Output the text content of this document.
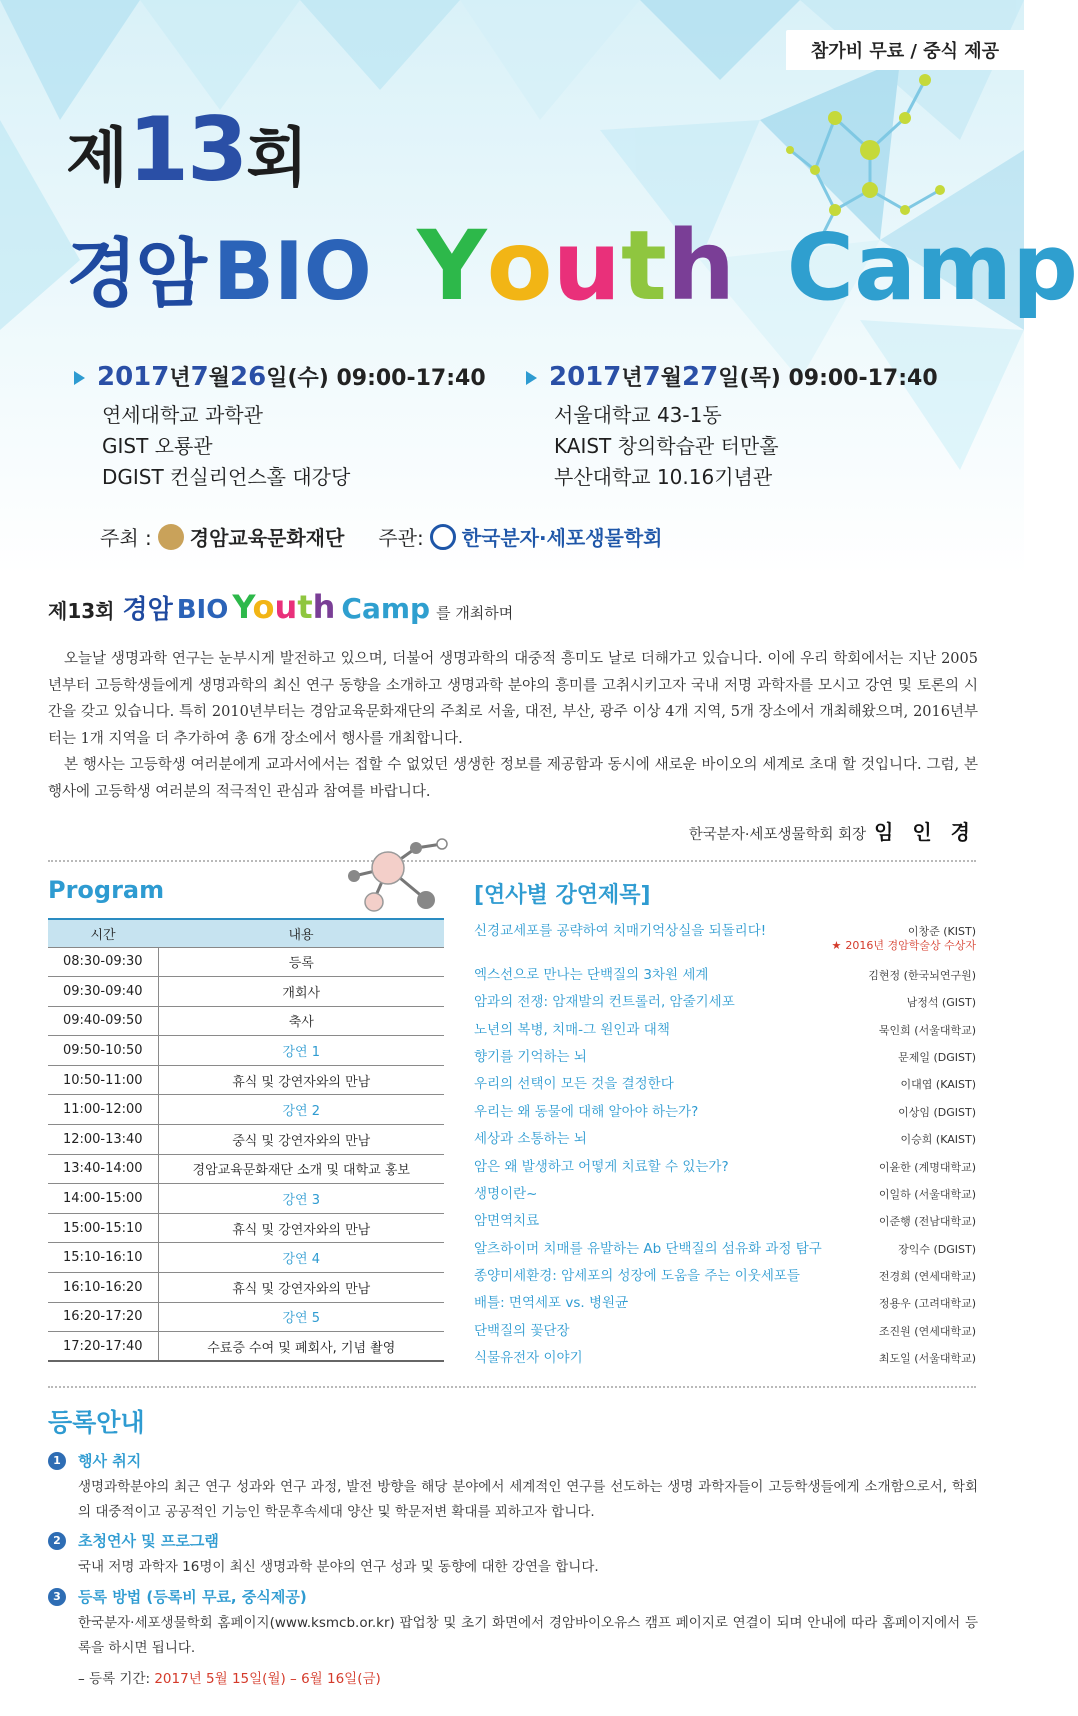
참가비 무료 / 중식 제공
제13회
경암 BIO Youth Camp
2017 년 7 월 26 일(수) 09:00-17:40
연세대학교 과학관
GIST 오룡관
DGIST 컨실리언스홀 대강당
2017 년 7 월 27 일(목) 09:00-17:40
서울대학교 43-1동
KAIST 창의학습관 터만홀
부산대학교 10.16기념관
주최 : 경암교육문화재단 주관: 한국분자·세포생물학회
제13회 경암 BIO Youth Camp 를 개최하며

오늘날 생명과학 연구는 눈부시게 발전하고 있으며, 더불어 생명과학의 대중적 흥미도 날로 더해가고 있습니다. 이에 우리 학회에서는 지난 2005년부터 고등학생들에게 생명과학의 최신 연구 동향을 소개하고 생명과학 분야의 흥미를 고취시키고자 국내 저명 과학자를 모시고 강연 및 토론의 시간을 갖고 있습니다. 특히 2010년부터는 경암교육문화재단의 주최로 서울, 대전, 부산, 광주 이상 4개 지역, 5개 장소에서 개최해왔으며, 2016년부터는 1개 지역을 더 추가하여 총 6개 장소에서 행사를 개최합니다.

본 행사는 고등학생 여러분에게 교과서에서는 접할 수 없었던 생생한 정보를 제공함과 동시에 새로운 바이오의 세계로 초대 할 것입니다. 그럼, 본 행사에 고등학생 여러분의 적극적인 관심과 참여를 바랍니다.

한국분자·세포생물학회 회장 임 인 경
Program
시간	내용
08:30-09:30	등록
09:30-09:40	개회사
09:40-09:50	축사
09:50-10:50	강연 1
10:50-11:00	휴식 및 강연자와의 만남
11:00-12:00	강연 2
12:00-13:40	중식 및 강연자와의 만남
13:40-14:00	경암교육문화재단 소개 및 대학교 홍보
14:00-15:00	강연 3
15:00-15:10	휴식 및 강연자와의 만남
15:10-16:10	강연 4
16:10-16:20	휴식 및 강연자와의 만남
16:20-17:20	강연 5
17:20-17:40	수료증 수여 및 폐회사, 기념 촬영
[연사별 강연제목]
신경교세포를 공략하여 치매기억상실을 되돌리다!	이창준 (KIST)
★ 2016년 경암학술상 수상자
엑스선으로 만나는 단백질의 3차원 세계	김현정 (한국뇌연구원)
암과의 전쟁: 암재발의 컨트롤러, 암줄기세포	남정석 (GIST)
노년의 복병, 치매-그 원인과 대책	묵인희 (서울대학교)
향기를 기억하는 뇌	문제일 (DGIST)
우리의 선택이 모든 것을 결정한다	이대엽 (KAIST)
우리는 왜 동물에 대해 알아야 하는가?	이상임 (DGIST)
세상과 소통하는 뇌	이승희 (KAIST)
암은 왜 발생하고 어떻게 치료할 수 있는가?	이윤한 (계명대학교)
생명이란~	이일하 (서울대학교)
암면역치료	이준행 (전남대학교)
알츠하이머 치매를 유발하는 Ab 단백질의 섬유화 과정 탐구	장익수 (DGIST)
종양미세환경: 암세포의 성장에 도움을 주는 이웃세포들	전경희 (연세대학교)
배틀: 면역세포 vs. 병원균	정용우 (고려대학교)
단백질의 꽃단장	조진원 (연세대학교)
식물유전자 이야기	최도일 (서울대학교)
등록안내
1	행사 취지
생명과학분야의 최근 연구 성과와 연구 과정, 발전 방향을 해당 분야에서 세계적인 연구를 선도하는 생명 과학자들이 고등학생들에게 소개함으로서, 학회의 대중적이고 공공적인 기능인 학문후속세대 양산 및 학문저변 확대를 꾀하고자 합니다.
2	초청연사 및 프로그램
국내 저명 과학자 16명이 최신 생명과학 분야의 연구 성과 및 동향에 대한 강연을 합니다.
3	등록 방법 (등록비 무료, 중식제공)
한국분자·세포생물학회 홈페이지(www.ksmcb.or.kr) 팝업창 및 초기 화면에서 경암바이오유스 캠프 페이지로 연결이 되며 안내에 따라 홈페이지에서 등록을 하시면 됩니다.
– 등록 기간: 2017년 5월 15일(월) – 6월 16일(금)
